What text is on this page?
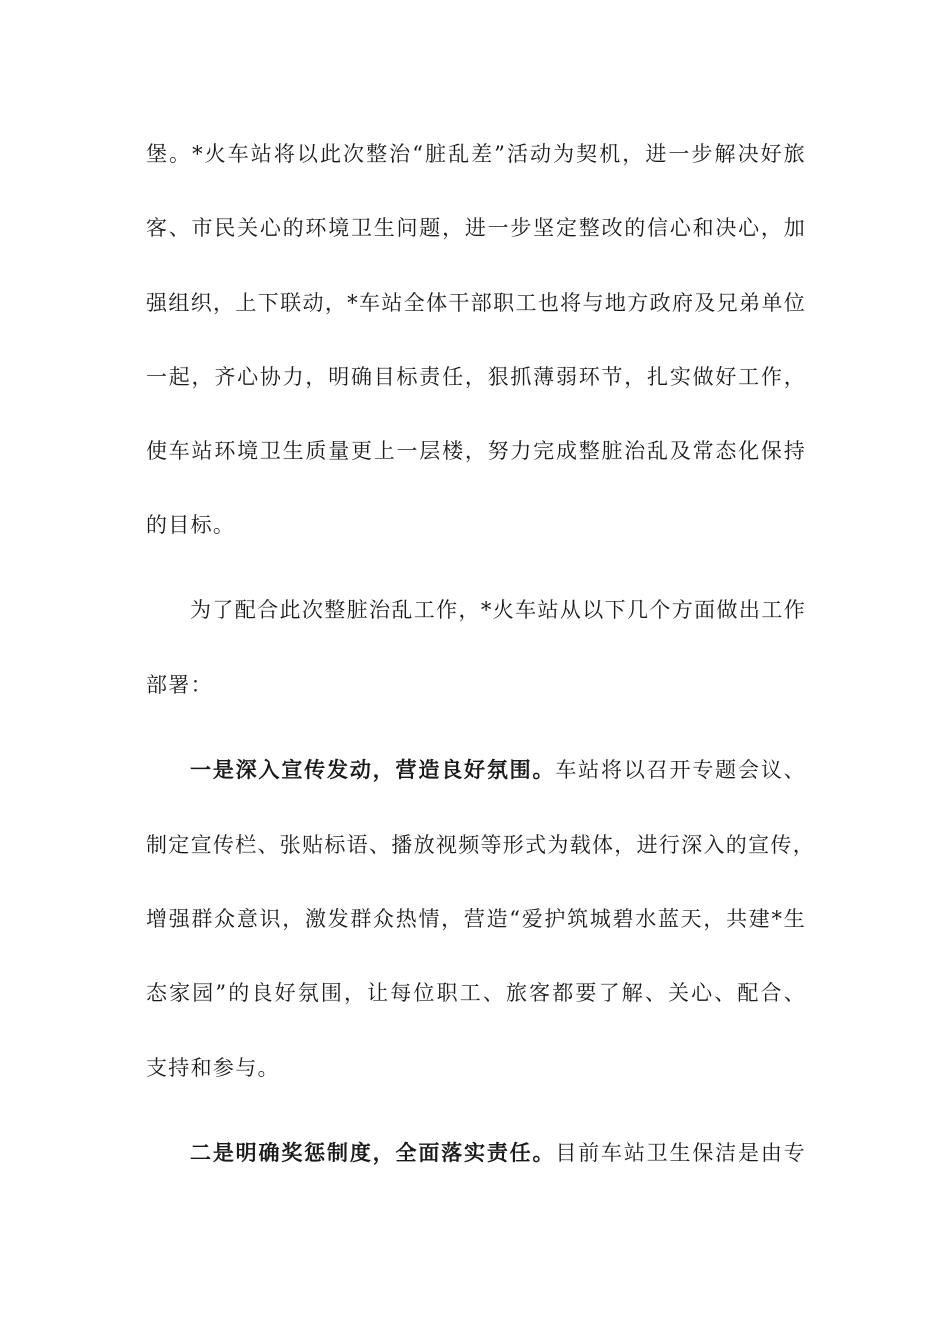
堡。*火车站将以此次整治“脏乱差”活动为契机，进一步解决好旅
客、市民关心的环境卫生问题，进一步坚定整改的信心和决心，加
强组织，上下联动，*车站全体干部职工也将与地方政府及兄弟单位
一起，齐心协力，明确目标责任，狠抓薄弱环节，扎实做好工作，
使车站环境卫生质量更上一层楼，努力完成整脏治乱及常态化保持
的目标。
为了配合此次整脏治乱工作，*火车站从以下几个方面做出工作
部署：
一是深入宣传发动，营造良好氛围。车站将以召开专题会议、
制定宣传栏、张贴标语、播放视频等形式为载体，进行深入的宣传，
增强群众意识，激发群众热情，营造“爱护筑城碧水蓝天，共建*生
态家园”的良好氛围，让每位职工、旅客都要了解、关心、配合、
支持和参与。
二是明确奖惩制度，全面落实责任。目前车站卫生保洁是由专
